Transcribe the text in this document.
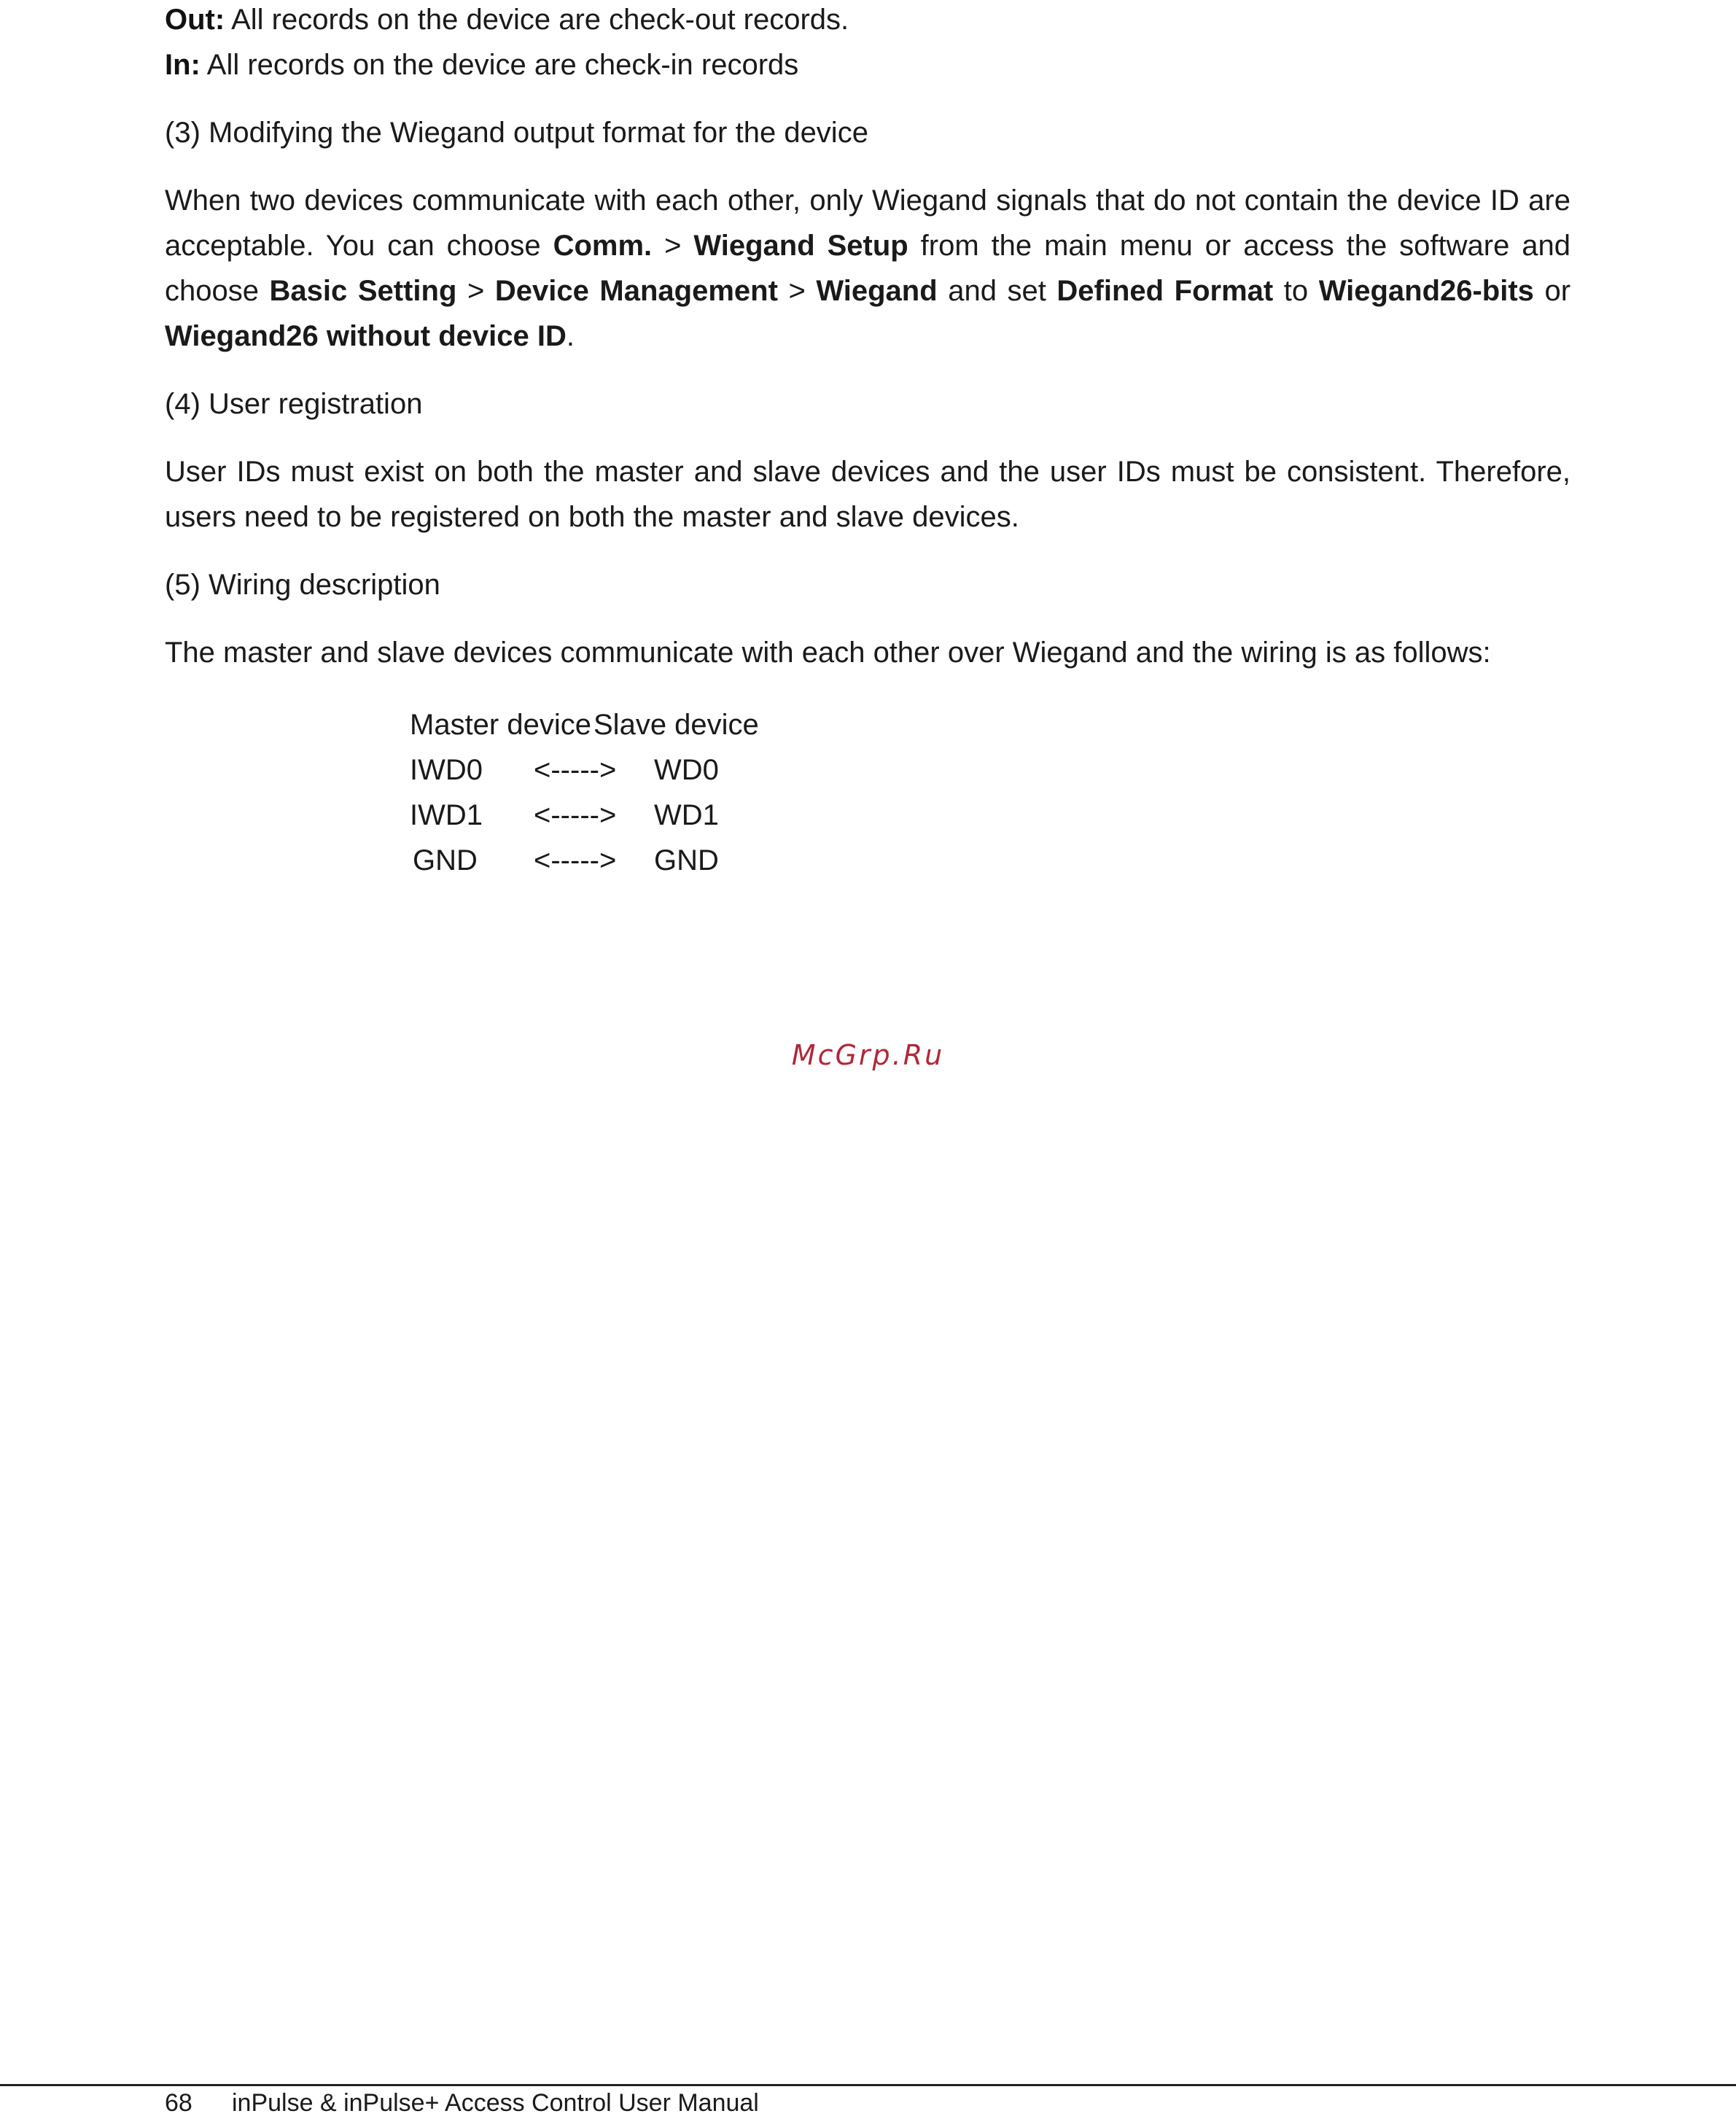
Out: All records on the device are check-out records.

In: All records on the device are check-in records

(3) Modifying the Wiegand output format for the device

When two devices communicate with each other, only Wiegand signals that do not contain the device ID are acceptable. You can choose Comm. > Wiegand Setup from the main menu or access the software and choose Basic Setting > Device Management > Wiegand and set Defined Format to Wiegand26-bits or Wiegand26 without device ID.

(4) User registration

User IDs must exist on both the master and slave devices and the user IDs must be consistent. Therefore, users need to be registered on both the master and slave devices.

(5) Wiring description

The master and slave devices communicate with each other over Wiegand and the wiring is as follows:

Master device Slave device
IWD0	<----->	WD0
IWD1	<----->	WD1
GND	<----->	GND
McGrp.Ru
68 inPulse & inPulse+ Access Control User Manual
